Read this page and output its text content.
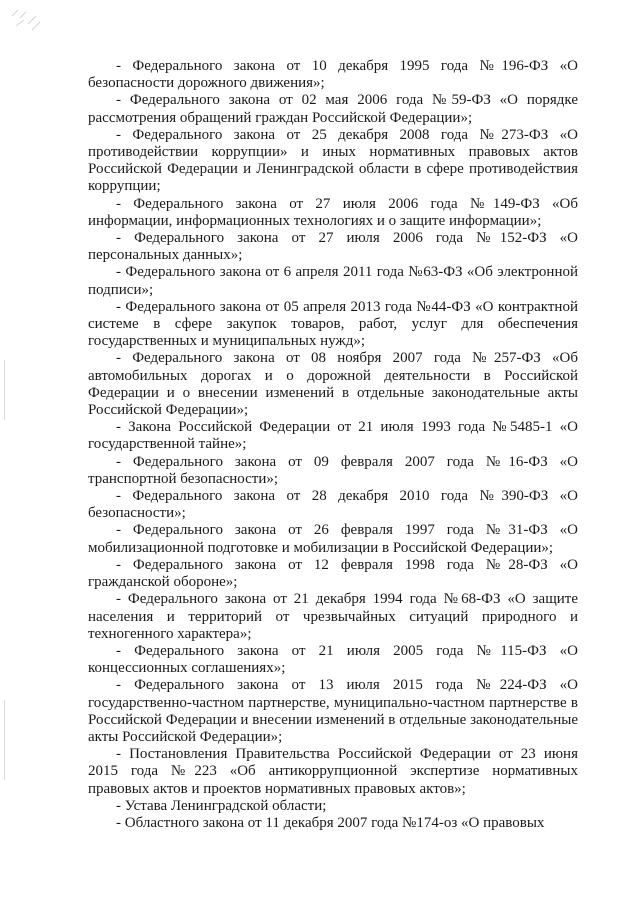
- Федерального закона от 10 декабря 1995 года №196-ФЗ «О безопасности дорожного движения»;

- Федерального закона от 02 мая 2006 года №59-ФЗ «О порядке рассмотрения обращений граждан Российской Федерации»;

- Федерального закона от 25 декабря 2008 года №273-ФЗ «О противодействии коррупции» и иных нормативных правовых актов Российской Федерации и Ленинградской области в сфере противодействия коррупции;

- Федерального закона от 27 июля 2006 года №149-ФЗ «Об информации, информационных технологиях и о защите информации»;

- Федерального закона от 27 июля 2006 года №152-ФЗ «О персональных данных»;

- Федерального закона от 6 апреля 2011 года №63-ФЗ «Об электронной подписи»;

- Федерального закона от 05 апреля 2013 года №44-ФЗ «О контрактной системе в сфере закупок товаров, работ, услуг для обеспечения государственных и муниципальных нужд»;

- Федерального закона от 08 ноября 2007 года №257-ФЗ «Об автомобильных дорогах и о дорожной деятельности в Российской Федерации и о внесении изменений в отдельные законодательные акты Российской Федерации»;

- Закона Российской Федерации от 21 июля 1993 года №5485-1 «О государственной тайне»;

- Федерального закона от 09 февраля 2007 года №16-ФЗ «О транспортной безопасности»;

- Федерального закона от 28 декабря 2010 года №390-ФЗ «О безопасности»;

- Федерального закона от 26 февраля 1997 года №31-ФЗ «О мобилизационной подготовке и мобилизации в Российской Федерации»;

- Федерального закона от 12 февраля 1998 года №28-ФЗ «О гражданской обороне»;

- Федерального закона от 21 декабря 1994 года №68-ФЗ «О защите населения и территорий от чрезвычайных ситуаций природного и техногенного характера»;

- Федерального закона от 21 июля 2005 года №115-ФЗ «О концессионных соглашениях»;

- Федерального закона от 13 июля 2015 года №224-ФЗ «О государственно-частном партнерстве, муниципально-частном партнерстве в Российской Федерации и внесении изменений в отдельные законодательные акты Российской Федерации»;

- Постановления Правительства Российской Федерации от 23 июня 2015 года №223 «Об антикоррупционной экспертизе нормативных правовых актов и проектов нормативных правовых актов»;

- Устава Ленинградской области;

- Областного закона от 11 декабря 2007 года №174-оз «О правовых
